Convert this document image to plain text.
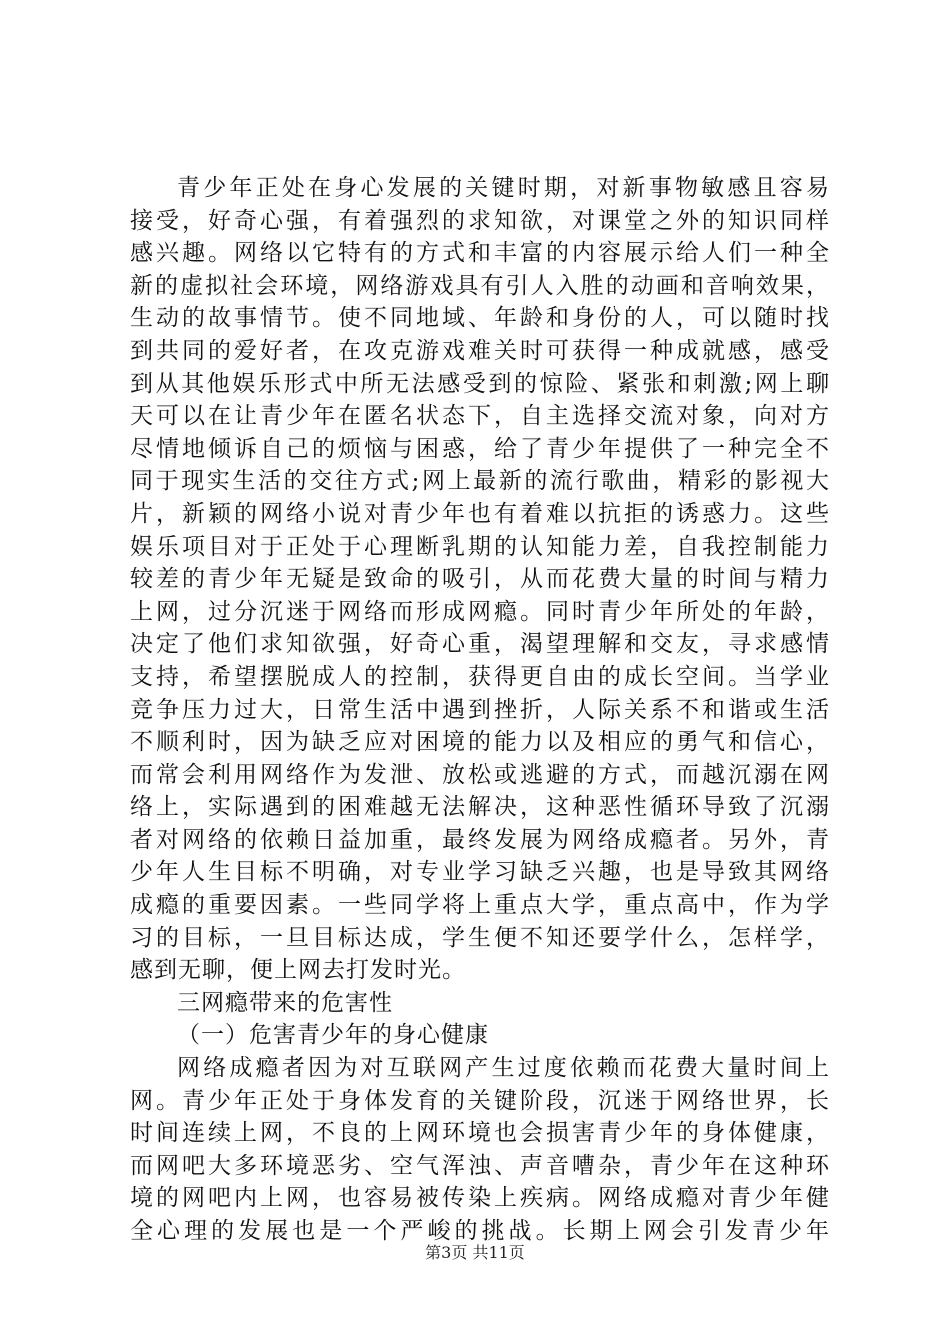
青少年正处在身心发展的关键时期，对新事物敏感且容易
接受，好奇心强，有着强烈的求知欲，对课堂之外的知识同样
感兴趣。网络以它特有的方式和丰富的内容展示给人们一种全
新的虚拟社会环境，网络游戏具有引人入胜的动画和音响效果，
生动的故事情节。使不同地域、年龄和身份的人，可以随时找
到共同的爱好者，在攻克游戏难关时可获得一种成就感，感受
到从其他娱乐形式中所无法感受到的惊险、紧张和刺激;网上聊
天可以在让青少年在匿名状态下，自主选择交流对象，向对方
尽情地倾诉自己的烦恼与困惑，给了青少年提供了一种完全不
同于现实生活的交往方式;网上最新的流行歌曲，精彩的影视大
片，新颖的网络小说对青少年也有着难以抗拒的诱惑力。这些
娱乐项目对于正处于心理断乳期的认知能力差，自我控制能力
较差的青少年无疑是致命的吸引，从而花费大量的时间与精力
上网，过分沉迷于网络而形成网瘾。同时青少年所处的年龄，
决定了他们求知欲强，好奇心重，渴望理解和交友，寻求感情
支持，希望摆脱成人的控制，获得更自由的成长空间。当学业
竞争压力过大，日常生活中遇到挫折，人际关系不和谐或生活
不顺利时，因为缺乏应对困境的能力以及相应的勇气和信心，
而常会利用网络作为发泄、放松或逃避的方式，而越沉溺在网
络上，实际遇到的困难越无法解决，这种恶性循环导致了沉溺
者对网络的依赖日益加重，最终发展为网络成瘾者。另外，青
少年人生目标不明确，对专业学习缺乏兴趣，也是导致其网络
成瘾的重要因素。一些同学将上重点大学，重点高中，作为学
习的目标，一旦目标达成，学生便不知还要学什么，怎样学，
感到无聊，便上网去打发时光。
三网瘾带来的危害性
（一）危害青少年的身心健康
网络成瘾者因为对互联网产生过度依赖而花费大量时间上
网。青少年正处于身体发育的关键阶段，沉迷于网络世界，长
时间连续上网，不良的上网环境也会损害青少年的身体健康，
而网吧大多环境恶劣、空气浑浊、声音嘈杂，青少年在这种环
境的网吧内上网，也容易被传染上疾病。网络成瘾对青少年健
全心理的发展也是一个严峻的挑战。长期上网会引发青少年
第3页 共11页
